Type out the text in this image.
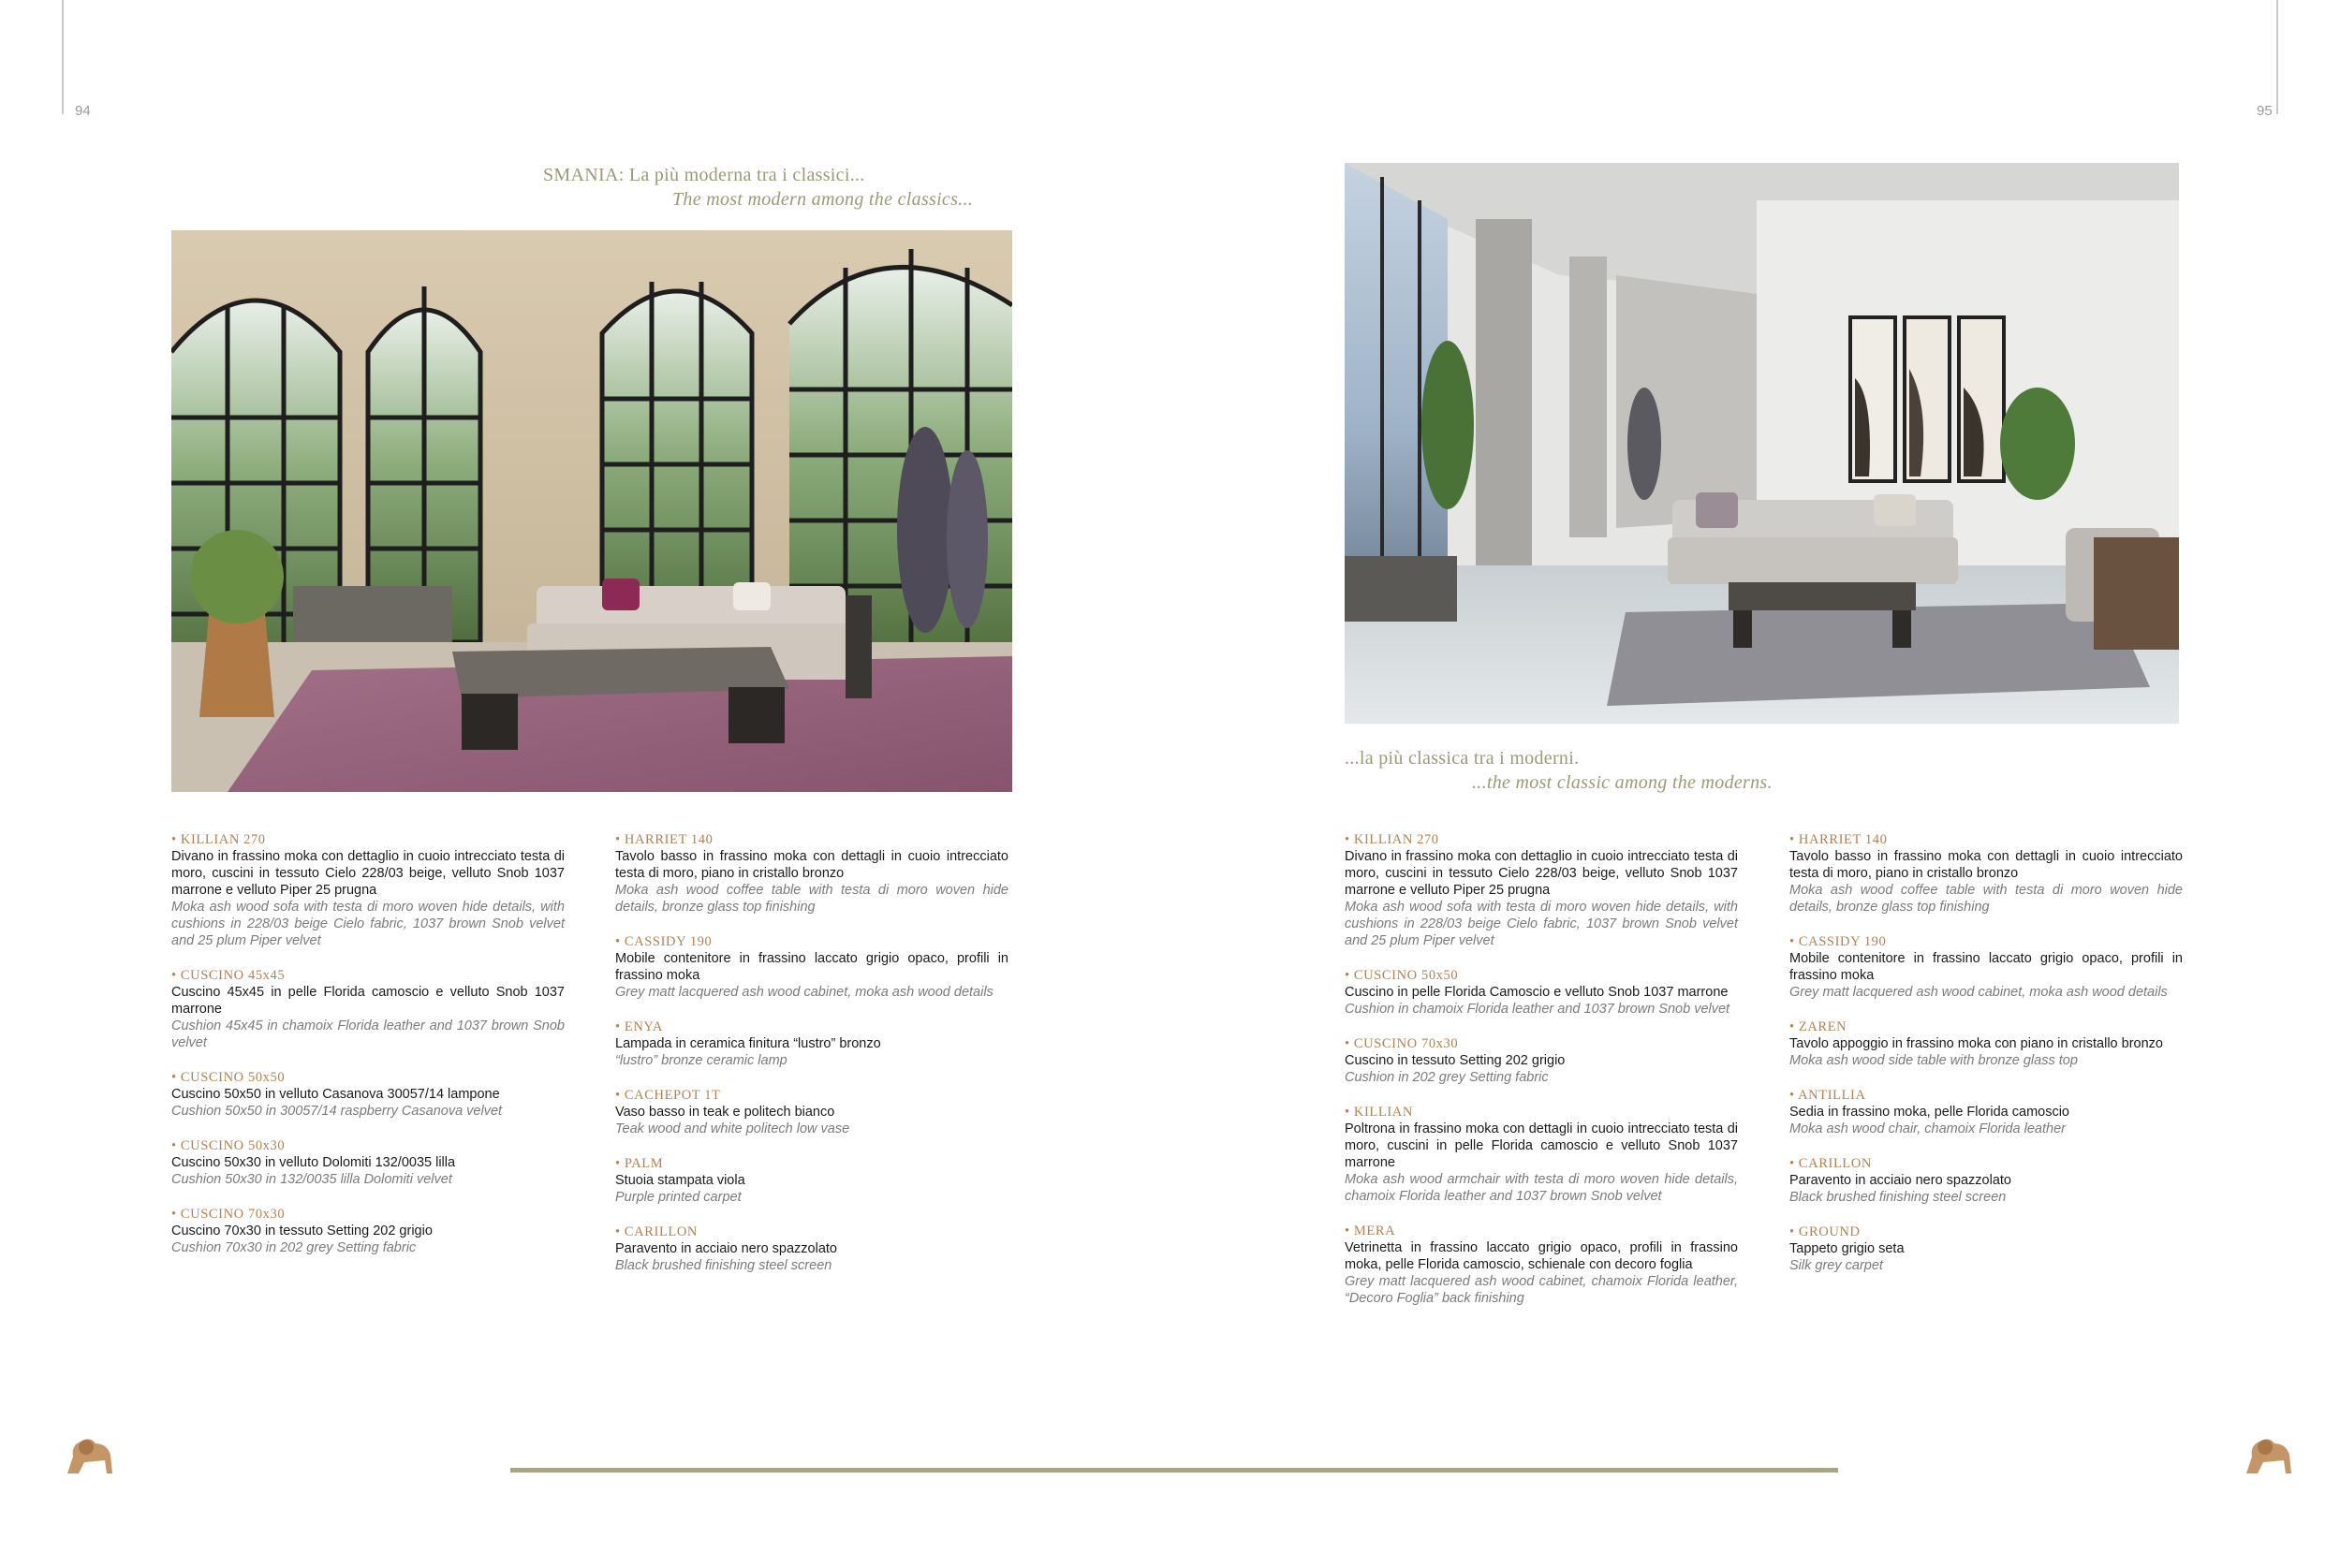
94	95
SMANIA: La più moderna tra i classici...
The most modern among the classics...
...la più classica tra i moderni.
...the most classic among the moderns.
• KILLIAN 270
Divano in frassino moka con dettaglio in cuoio intrecciato testa di moro, cuscini in tessuto Cielo 228/03 beige, velluto Snob 1037 marrone e velluto Piper 25 prugna
Moka ash wood sofa with testa di moro woven hide details, with cushions in 228/03 beige Cielo fabric, 1037 brown Snob velvet and 25 plum Piper velvet
• CUSCINO 45x45
Cuscino 45x45 in pelle Florida camoscio e velluto Snob 1037 marrone
Cushion 45x45 in chamoix Florida leather and 1037 brown Snob velvet
• CUSCINO 50x50
Cuscino 50x50 in velluto Casanova 30057/14 lampone
Cushion 50x50 in 30057/14 raspberry Casanova velvet
• CUSCINO 50x30
Cuscino 50x30 in velluto Dolomiti 132/0035 lilla
Cushion 50x30 in 132/0035 lilla Dolomiti velvet
• CUSCINO 70x30
Cuscino 70x30 in tessuto Setting 202 grigio
Cushion 70x30 in 202 grey Setting fabric
• HARRIET 140
Tavolo basso in frassino moka con dettagli in cuoio intrecciato testa di moro, piano in cristallo bronzo
Moka ash wood coffee table with testa di moro woven hide details, bronze glass top finishing
• CASSIDY 190
Mobile contenitore in frassino laccato grigio opaco, profili in frassino moka
Grey matt lacquered ash wood cabinet, moka ash wood details
• ENYA
Lampada in ceramica finitura “lustro” bronzo
“lustro” bronze ceramic lamp
• CACHEPOT 1T
Vaso basso in teak e politech bianco
Teak wood and white politech low vase
• PALM
Stuoia stampata viola
Purple printed carpet
• CARILLON
Paravento in acciaio nero spazzolato
Black brushed finishing steel screen
• KILLIAN 270
Divano in frassino moka con dettaglio in cuoio intrecciato testa di moro, cuscini in tessuto Cielo 228/03 beige, velluto Snob 1037 marrone e velluto Piper 25 prugna
Moka ash wood sofa with testa di moro woven hide details, with cushions in 228/03 beige Cielo fabric, 1037 brown Snob velvet and 25 plum Piper velvet
• CUSCINO 50x50
Cuscino in pelle Florida Camoscio e velluto Snob 1037 marrone
Cushion in chamoix Florida leather and 1037 brown Snob velvet
• CUSCINO 70x30
Cuscino in tessuto Setting 202 grigio
Cushion in 202 grey Setting fabric
• KILLIAN
Poltrona in frassino moka con dettagli in cuoio intrecciato testa di moro, cuscini in pelle Florida camoscio e velluto Snob 1037 marrone
Moka ash wood armchair with testa di moro woven hide details, chamoix Florida leather and 1037 brown Snob velvet
• MERA
Vetrinetta in frassino laccato grigio opaco, profili in frassino moka, pelle Florida camoscio, schienale con decoro foglia
Grey matt lacquered ash wood cabinet, chamoix Florida leather, “Decoro Foglia” back finishing
• HARRIET 140
Tavolo basso in frassino moka con dettagli in cuoio intrecciato testa di moro, piano in cristallo bronzo
Moka ash wood coffee table with testa di moro woven hide details, bronze glass top finishing
• CASSIDY 190
Mobile contenitore in frassino laccato grigio opaco, profili in frassino moka
Grey matt lacquered ash wood cabinet, moka ash wood details
• ZAREN
Tavolo appoggio in frassino moka con piano in cristallo bronzo
Moka ash wood side table with bronze glass top
• ANTILLIA
Sedia in frassino moka, pelle Florida camoscio
Moka ash wood chair, chamoix Florida leather
• CARILLON
Paravento in acciaio nero spazzolato
Black brushed finishing steel screen
• GROUND
Tappeto grigio seta
Silk grey carpet
